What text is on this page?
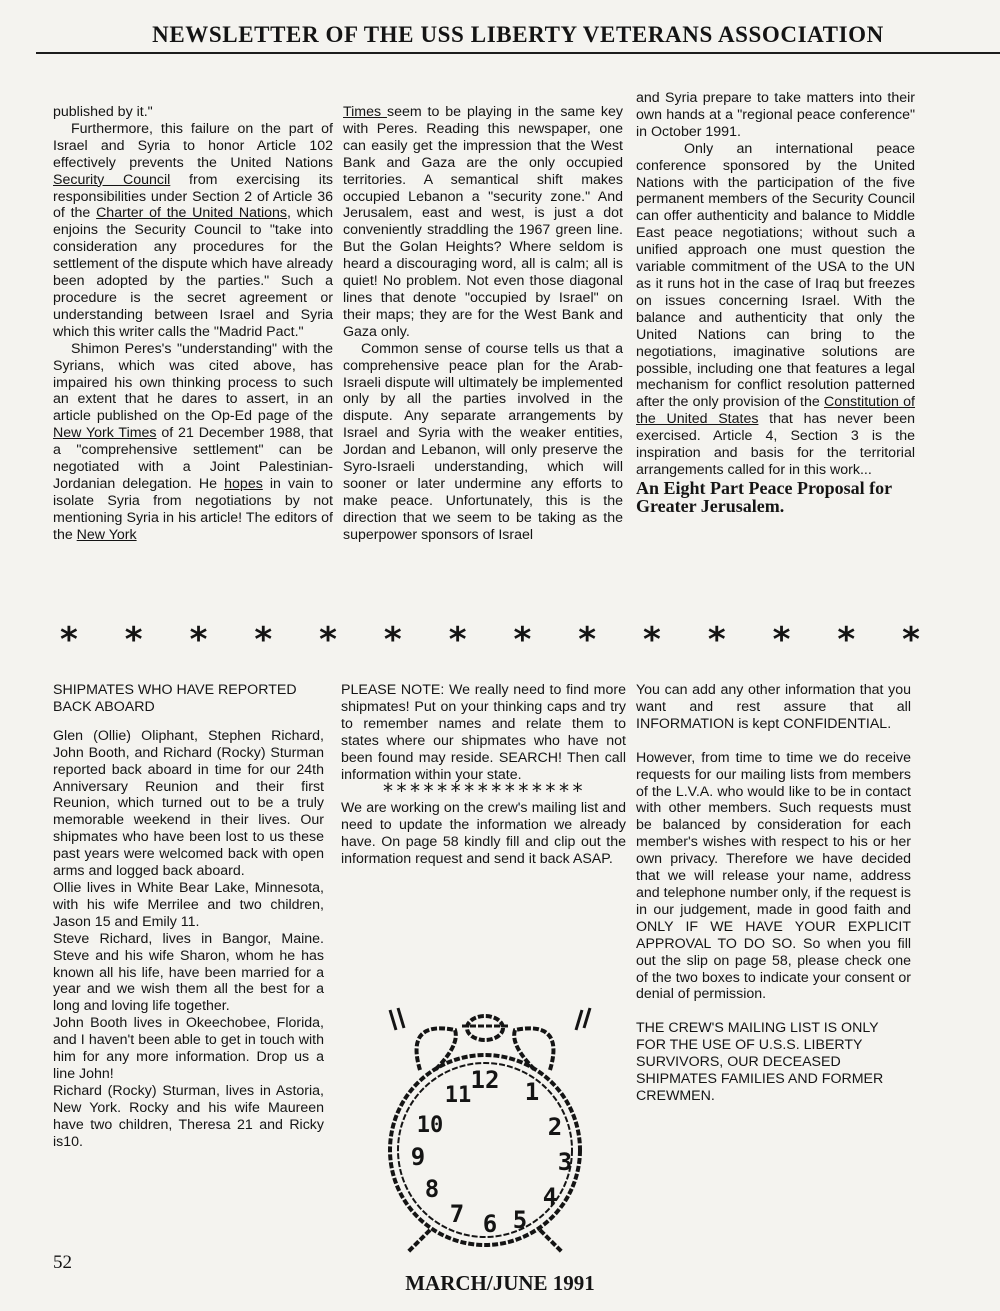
NEWSLETTER OF THE USS LIBERTY VETERANS ASSOCIATION

published by it."

Furthermore, this failure on the part of Israel and Syria to honor Article 102 effectively prevents the United Nations Security Council from exercising its responsibilities under Section 2 of Article 36 of the Charter of the United Nations, which enjoins the Security Council to "take into consideration any procedures for the settlement of the dispute which have already been adopted by the parties." Such a procedure is the secret agreement or understanding between Israel and Syria which this writer calls the "Madrid Pact."

Shimon Peres's "understanding" with the Syrians, which was cited above, has impaired his own thinking process to such an extent that he dares to assert, in an article published on the Op-Ed page of the New York Times of 21 December 1988, that a "comprehensive settlement" can be negotiated with a Joint Palestinian-Jordanian delegation. He hopes in vain to isolate Syria from negotiations by not mentioning Syria in his article! The editors of the New York

Times seem to be playing in the same key with Peres. Reading this newspaper, one can easily get the impression that the West Bank and Gaza are the only occupied territories. A semantical shift makes occupied Lebanon a "security zone." And Jerusalem, east and west, is just a dot conveniently straddling the 1967 green line. But the Golan Heights? Where seldom is heard a discouraging word, all is calm; all is quiet! No problem. Not even those diagonal lines that denote "occupied by Israel" on their maps; they are for the West Bank and Gaza only.

Common sense of course tells us that a comprehensive peace plan for the Arab-Israeli dispute will ultimately be implemented only by all the parties involved in the dispute. Any separate arrangements by Israel and Syria with the weaker entities, Jordan and Lebanon, will only preserve the Syro-Israeli understanding, which will sooner or later undermine any efforts to make peace. Unfortunately, this is the direction that we seem to be taking as the superpower sponsors of Israel

and Syria prepare to take matters into their own hands at a "regional peace conference" in October 1991.

Only an international peace conference sponsored by the United Nations with the participation of the five permanent members of the Security Council can offer authenticity and balance to Middle East peace negotiations; without such a unified approach one must question the variable commitment of the USA to the UN as it runs hot in the case of Iraq but freezes on issues concerning Israel. With the balance and authenticity that only the United Nations can bring to the negotiations, imaginative solutions are possible, including one that features a legal mechanism for conflict resolution patterned after the only provision of the Constitution of the United States that has never been exercised. Article 4, Section 3 is the inspiration and basis for the territorial arrangements called for in this work...

An Eight Part Peace Proposal for Greater Jerusalem.

* * * * * * * * * * * * * *

SHIPMATES WHO HAVE REPORTED BACK ABOARD

Glen (Ollie) Oliphant, Stephen Richard, John Booth, and Richard (Rocky) Sturman reported back aboard in time for our 24th Anniversary Reunion and their first Reunion, which turned out to be a truly memorable weekend in their lives. Our shipmates who have been lost to us these past years were welcomed back with open arms and logged back aboard.

Ollie lives in White Bear Lake, Minnesota, with his wife Merrilee and two children, Jason 15 and Emily 11.

Steve Richard, lives in Bangor, Maine. Steve and his wife Sharon, whom he has known all his life, have been married for a year and we wish them all the best for a long and loving life together.

John Booth lives in Okeechobee, Florida, and I haven't been able to get in touch with him for any more information. Drop us a line John!

Richard (Rocky) Sturman, lives in Astoria, New York. Rocky and his wife Maureen have two children, Theresa 21 and Ricky is10.

PLEASE NOTE: We really need to find more shipmates! Put on your thinking caps and try to remember names and relate them to states where our shipmates who have not been found may reside. SEARCH! Then call information within your state.

***************

We are working on the crew's mailing list and need to update the information we already have. On page 58 kindly fill and clip out the information request and send it back ASAP.

You can add any other information that you want and rest assure that all INFORMATION is kept CONFIDENTIAL.

However, from time to time we do receive requests for our mailing lists from members of the L.V.A. who would like to be in contact with other members. Such requests must be balanced by consideration for each member's wishes with respect to his or her own privacy. Therefore we have decided that we will release your name, address and telephone number only, if the request is in our judgement, made in good faith and ONLY IF WE HAVE YOUR EXPLICIT APPROVAL TO DO SO. So when you fill out the slip on page 58, please check one of the two boxes to indicate your consent or denial of permission.

THE CREW'S MAILING LIST IS ONLY FOR THE USE OF U.S.S. LIBERTY SURVIVORS, OUR DECEASED SHIPMATES FAMILIES AND FORMER CREWMEN.

12 1
2
3
4
5
6
7
8
9
10
11
52
MARCH/JUNE 1991
